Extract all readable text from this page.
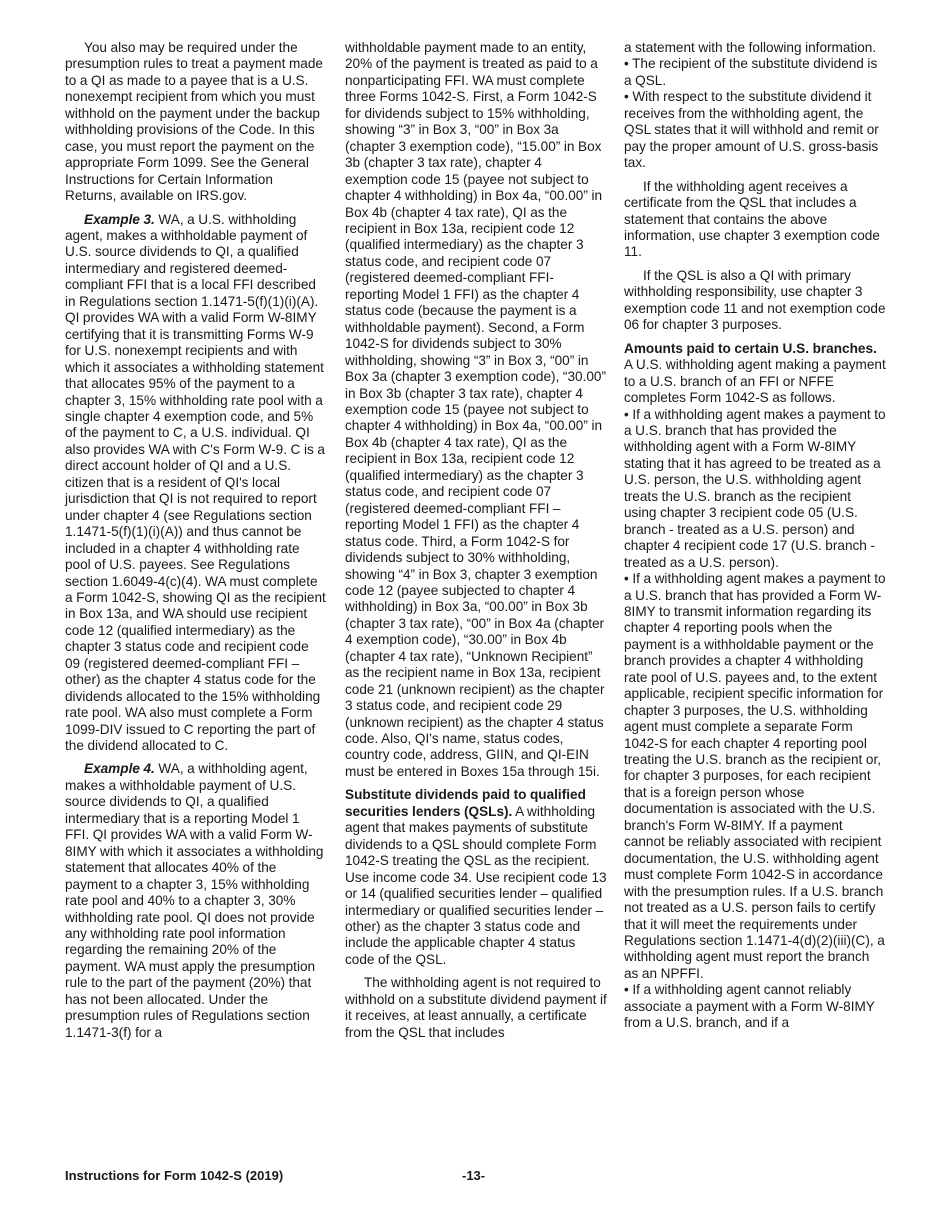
You also may be required under the presumption rules to treat a payment made to a QI as made to a payee that is a U.S. nonexempt recipient from which you must withhold on the payment under the backup withholding provisions of the Code. In this case, you must report the payment on the appropriate Form 1099. See the General Instructions for Certain Information Returns, available on IRS.gov.

Example 3. WA, a U.S. withholding agent, makes a withholdable payment of U.S. source dividends to QI, a qualified intermediary and registered deemed-compliant FFI that is a local FFI described in Regulations section 1.1471-5(f)(1)(i)(A). QI provides WA with a valid Form W-8IMY certifying that it is transmitting Forms W-9 for U.S. nonexempt recipients and with which it associates a withholding statement that allocates 95% of the payment to a chapter 3, 15% withholding rate pool with a single chapter 4 exemption code, and 5% of the payment to C, a U.S. individual. QI also provides WA with C's Form W-9. C is a direct account holder of QI and a U.S. citizen that is a resident of QI's local jurisdiction that QI is not required to report under chapter 4 (see Regulations section 1.1471-5(f)(1)(i)(A)) and thus cannot be included in a chapter 4 withholding rate pool of U.S. payees. See Regulations section 1.6049-4(c)(4). WA must complete a Form 1042-S, showing QI as the recipient in Box 13a, and WA should use recipient code 12 (qualified intermediary) as the chapter 3 status code and recipient code 09 (registered deemed-compliant FFI – other) as the chapter 4 status code for the dividends allocated to the 15% withholding rate pool. WA also must complete a Form 1099-DIV issued to C reporting the part of the dividend allocated to C.

Example 4. WA, a withholding agent, makes a withholdable payment of U.S. source dividends to QI, a qualified intermediary that is a reporting Model 1 FFI. QI provides WA with a valid Form W-8IMY with which it associates a withholding statement that allocates 40% of the payment to a chapter 3, 15% withholding rate pool and 40% to a chapter 3, 30% withholding rate pool. QI does not provide any withholding rate pool information regarding the remaining 20% of the payment. WA must apply the presumption rule to the part of the payment (20%) that has not been allocated. Under the presumption rules of Regulations section 1.1471-3(f) for a

withholdable payment made to an entity, 20% of the payment is treated as paid to a nonparticipating FFI. WA must complete three Forms 1042-S. First, a Form 1042-S for dividends subject to 15% withholding, showing “3” in Box 3, “00” in Box 3a (chapter 3 exemption code), “15.00” in Box 3b (chapter 3 tax rate), chapter 4 exemption code 15 (payee not subject to chapter 4 withholding) in Box 4a, “00.00” in Box 4b (chapter 4 tax rate), QI as the recipient in Box 13a, recipient code 12 (qualified intermediary) as the chapter 3 status code, and recipient code 07 (registered deemed-compliant FFI-reporting Model 1 FFI) as the chapter 4 status code (because the payment is a withholdable payment). Second, a Form 1042-S for dividends subject to 30% withholding, showing “3” in Box 3, “00” in Box 3a (chapter 3 exemption code), “30.00” in Box 3b (chapter 3 tax rate), chapter 4 exemption code 15 (payee not subject to chapter 4 withholding) in Box 4a, “00.00” in Box 4b (chapter 4 tax rate), QI as the recipient in Box 13a, recipient code 12 (qualified intermediary) as the chapter 3 status code, and recipient code 07 (registered deemed-compliant FFI – reporting Model 1 FFI) as the chapter 4 status code. Third, a Form 1042-S for dividends subject to 30% withholding, showing “4” in Box 3, chapter 3 exemption code 12 (payee subjected to chapter 4 withholding) in Box 3a, “00.00” in Box 3b (chapter 3 tax rate), “00” in Box 4a (chapter 4 exemption code), “30.00” in Box 4b (chapter 4 tax rate), “Unknown Recipient” as the recipient name in Box 13a, recipient code 21 (unknown recipient) as the chapter 3 status code, and recipient code 29 (unknown recipient) as the chapter 4 status code. Also, QI's name, status codes, country code, address, GIIN, and QI-EIN must be entered in Boxes 15a through 15i.

Substitute dividends paid to qualified securities lenders (QSLs). A withholding agent that makes payments of substitute dividends to a QSL should complete Form 1042-S treating the QSL as the recipient. Use income code 34. Use recipient code 13 or 14 (qualified securities lender – qualified intermediary or qualified securities lender – other) as the chapter 3 status code and include the applicable chapter 4 status code of the QSL.

The withholding agent is not required to withhold on a substitute dividend payment if it receives, at least annually, a certificate from the QSL that includes

a statement with the following information.

• The recipient of the substitute dividend is a QSL.

• With respect to the substitute dividend it receives from the withholding agent, the QSL states that it will withhold and remit or pay the proper amount of U.S. gross-basis tax.

If the withholding agent receives a certificate from the QSL that includes a statement that contains the above information, use chapter 3 exemption code 11.

If the QSL is also a QI with primary withholding responsibility, use chapter 3 exemption code 11 and not exemption code 06 for chapter 3 purposes.

Amounts paid to certain U.S. branches. A U.S. withholding agent making a payment to a U.S. branch of an FFI or NFFE completes Form 1042-S as follows.

• If a withholding agent makes a payment to a U.S. branch that has provided the withholding agent with a Form W-8IMY stating that it has agreed to be treated as a U.S. person, the U.S. withholding agent treats the U.S. branch as the recipient using chapter 3 recipient code 05 (U.S. branch - treated as a U.S. person) and chapter 4 recipient code 17 (U.S. branch - treated as a U.S. person).

• If a withholding agent makes a payment to a U.S. branch that has provided a Form W-8IMY to transmit information regarding its chapter 4 reporting pools when the payment is a withholdable payment or the branch provides a chapter 4 withholding rate pool of U.S. payees and, to the extent applicable, recipient specific information for chapter 3 purposes, the U.S. withholding agent must complete a separate Form 1042-S for each chapter 4 reporting pool treating the U.S. branch as the recipient or, for chapter 3 purposes, for each recipient that is a foreign person whose documentation is associated with the U.S. branch's Form W-8IMY. If a payment cannot be reliably associated with recipient documentation, the U.S. withholding agent must complete Form 1042-S in accordance with the presumption rules. If a U.S. branch not treated as a U.S. person fails to certify that it will meet the requirements under Regulations section 1.1471-4(d)(2)(iii)(C), a withholding agent must report the branch as an NPFFI.

• If a withholding agent cannot reliably associate a payment with a Form W-8IMY from a U.S. branch, and if a

Instructions for Form 1042-S (2019)	-13-
